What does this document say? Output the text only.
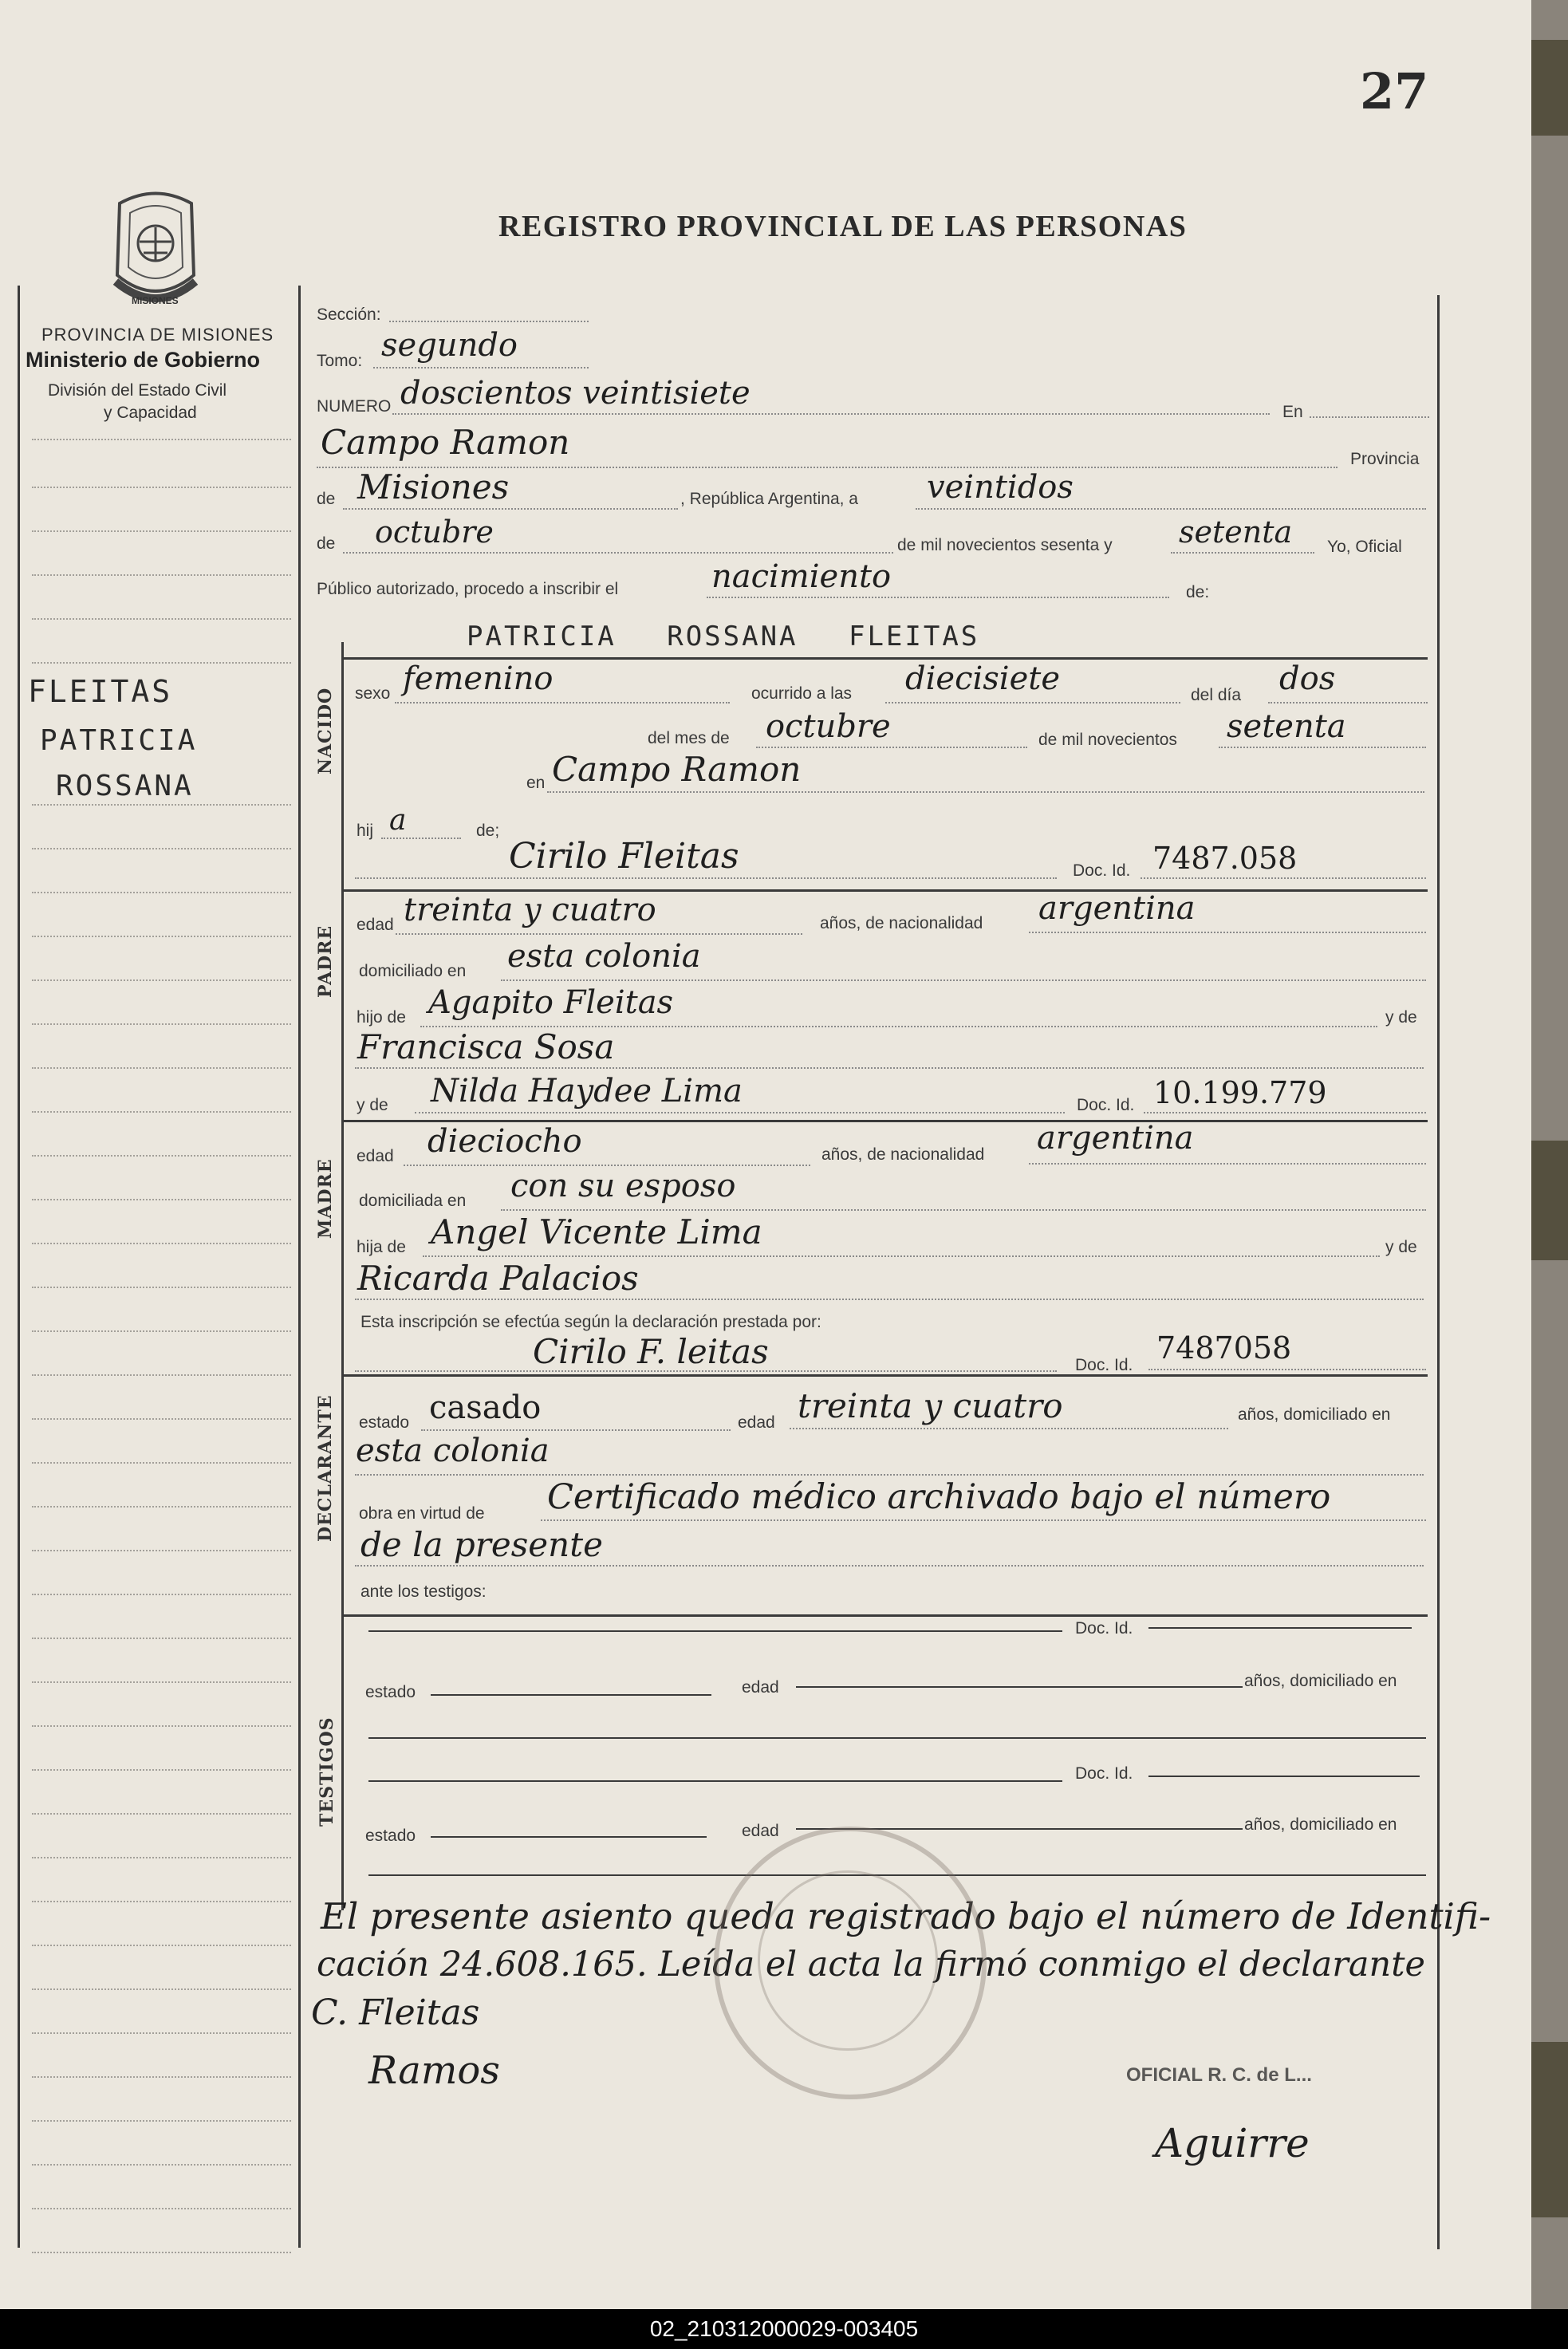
27
REGISTRO PROVINCIAL DE LAS PERSONAS
MISIONES
PROVINCIA DE MISIONES
Ministerio de Gobierno
División del Estado Civil
y Capacidad
FLEITAS
PATRICIA
ROSSANA
NACIDO
PADRE
MADRE
DECLARANTE
TESTIGOS
Sección:
Tomo: segundo
NUMERO doscientos veintisiete
En
Campo Ramon	Provincia
de Misiones	, República Argentina, a veintidos
de octubre	de mil novecientos sesenta y setenta Yo, Oficial
Público autorizado, procedo a inscribir el	nacimiento	de:
PATRICIA ROSSANA FLEITAS
sexo femenino	ocurrido a las diecisiete	del día dos
del mes de octubre	de mil novecientos setenta
en Campo Ramon
hij a	de;
Cirilo Fleitas	Doc. Id. 7487.058
edad treinta y cuatro	años, de nacionalidad argentina
domiciliado en esta colonia
hijo de Agapito Fleitas	y de
Francisca Sosa
y de Nilda Haydee Lima	Doc. Id. 10.199.779
edad dieciocho	años, de nacionalidad argentina
domiciliada en con su esposo
hija de Angel Vicente Lima	y de
Ricarda Palacios
Esta inscripción se efectúa según la declaración prestada por:
Cirilo F. leitas	Doc. Id. 7487058
estado casado	edad treinta y cuatro	años, domiciliado en
esta colonia
obra en virtud de Certificado médico archivado bajo el número
de la presente
ante los testigos:
Doc. Id.
estado	edad	años, domiciliado en
Doc. Id.
estado	edad	años, domiciliado en
El presente asiento queda registrado bajo el número de Identifi-
cación 24.608.165. Leída el acta la firmó conmigo el declarante
OFICIAL R. C. de L...
C. Fleitas
Ramos
Aguirre
02_210312000029-003405
